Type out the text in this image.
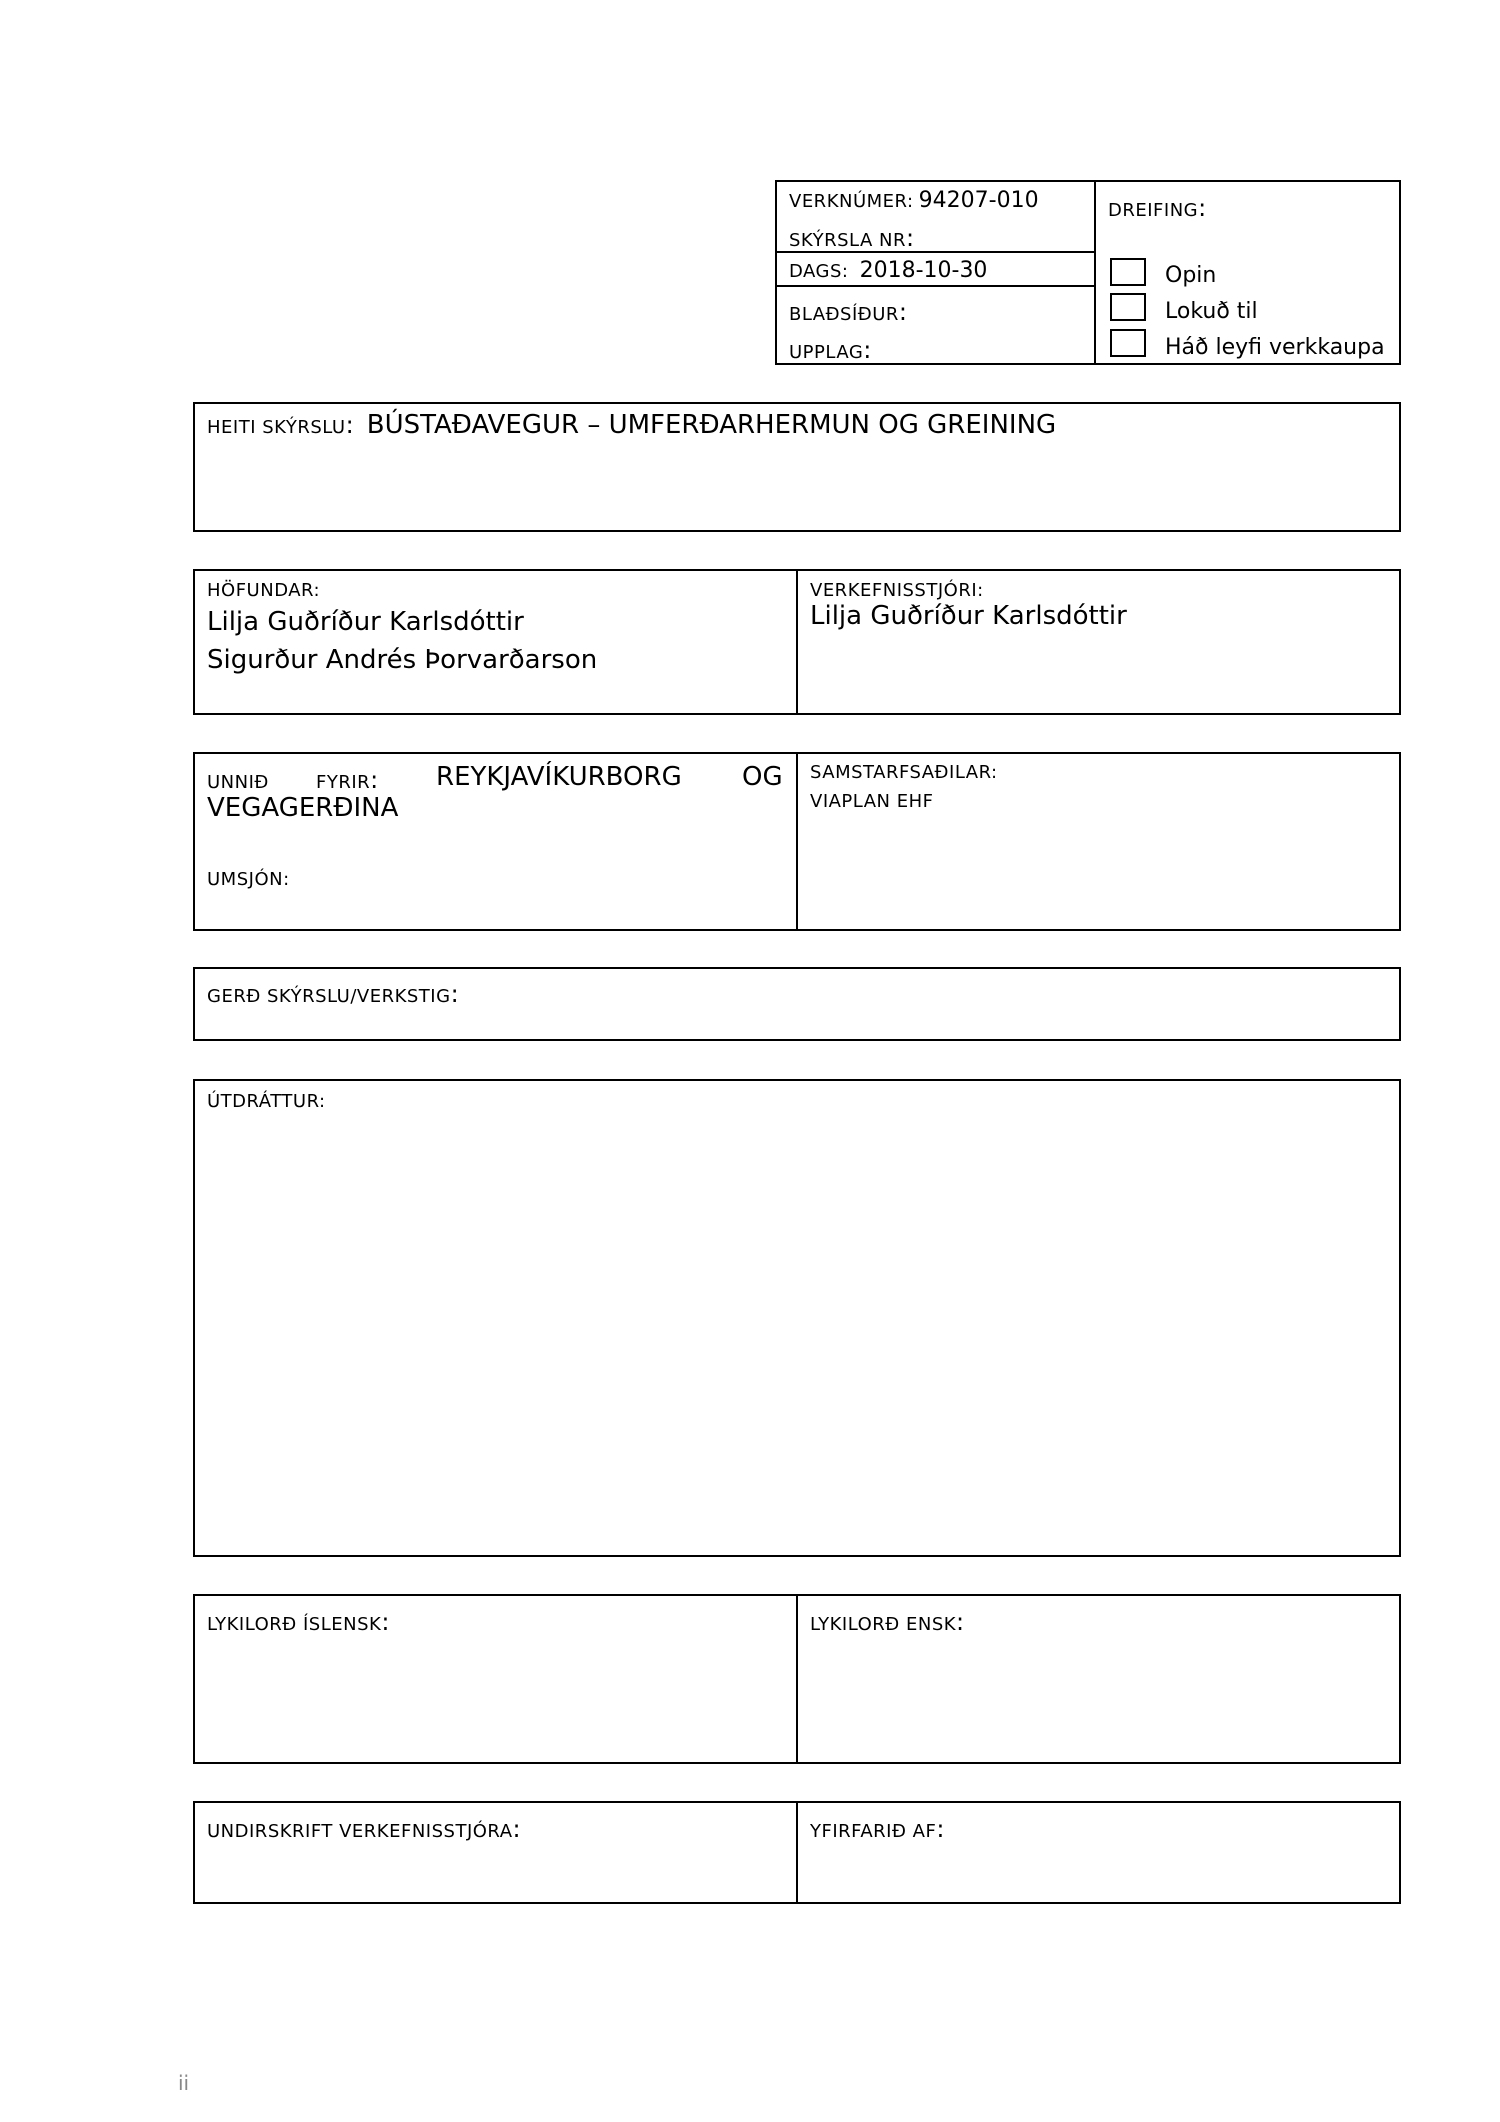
VERKNÚMER: 94207-010
SKÝRSLA NR:
DAGS: 2018-10-30
BLAÐSÍÐUR:
UPPLAG:
DREIFING:
Opin
Lokuð til
Háð leyfi verkkaupa
HEITI SKÝRSLU: BÚSTAÐAVEGUR – UMFERÐARHERMUN OG GREINING
HÖFUNDAR:
Lilja Guðríður Karlsdóttir
Sigurður Andrés Þorvarðarson
VERKEFNISSTJÓRI:
Lilja Guðríður Karlsdóttir
UNNIÐ	FYRIR: REYKJAVÍKURBORG OG
VEGAGERÐINA
UMSJÓN:
SAMSTARFSAÐILAR:
VIAPLAN EHF
GERÐ SKÝRSLU/VERKSTIG:
ÚTDRÁTTUR:
LYKILORÐ ÍSLENSK:	LYKILORÐ ENSK:
UNDIRSKRIFT VERKEFNISSTJÓRA:	YFIRFARIÐ AF:
ii
